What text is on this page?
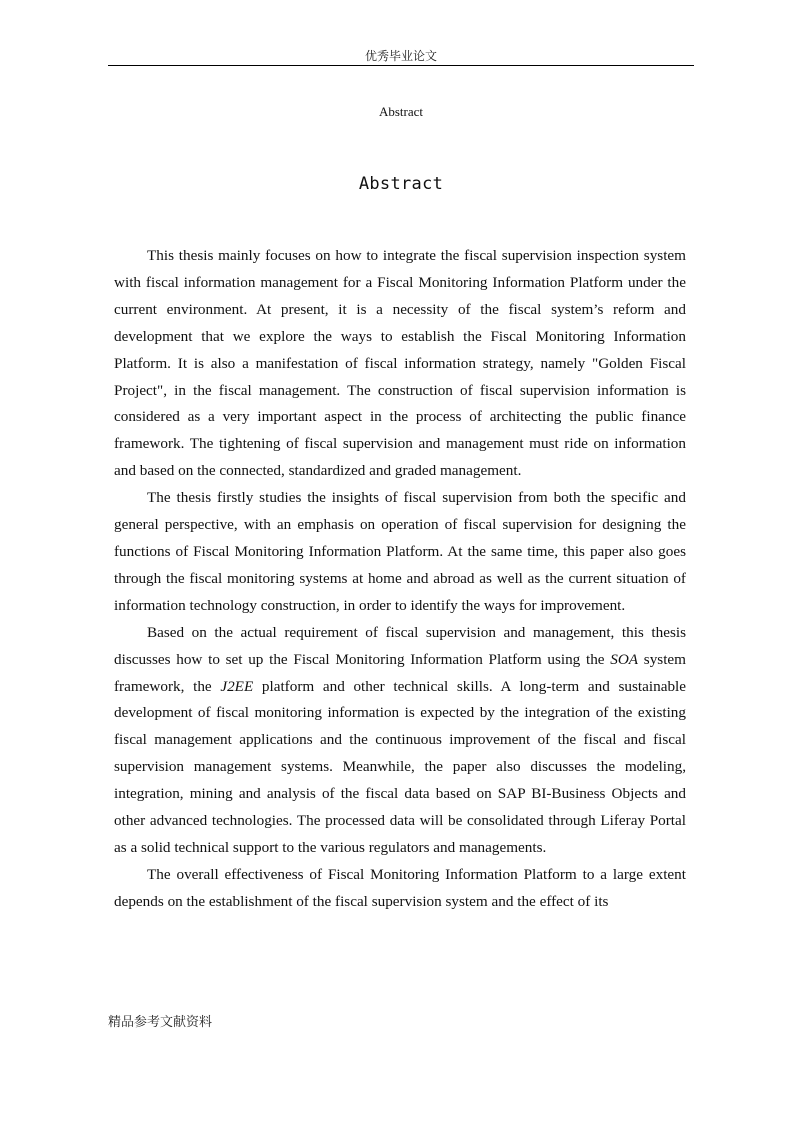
优秀毕业论文
Abstract
Abstract

This thesis mainly focuses on how to integrate the fiscal supervision inspection system with fiscal information management for a Fiscal Monitoring Information Platform under the current environment. At present, it is a necessity of the fiscal system’s reform and development that we explore the ways to establish the Fiscal Monitoring Information Platform. It is also a manifestation of fiscal information strategy, namely "Golden Fiscal Project", in the fiscal management. The construction of fiscal supervision information is considered as a very important aspect in the process of architecting the public finance framework. The tightening of fiscal supervision and management must ride on information and based on the connected, standardized and graded management.

The thesis firstly studies the insights of fiscal supervision from both the specific and general perspective, with an emphasis on operation of fiscal supervision for designing the functions of Fiscal Monitoring Information Platform. At the same time, this paper also goes through the fiscal monitoring systems at home and abroad as well as the current situation of information technology construction, in order to identify the ways for improvement.

Based on the actual requirement of fiscal supervision and management, this thesis discusses how to set up the Fiscal Monitoring Information Platform using the SOA system framework, the J2EE platform and other technical skills. A long-term and sustainable development of fiscal monitoring information is expected by the integration of the existing fiscal management applications and the continuous improvement of the fiscal and fiscal supervision management systems. Meanwhile, the paper also discusses the modeling, integration, mining and analysis of the fiscal data based on SAP BI-Business Objects and other advanced technologies. The processed data will be consolidated through Liferay Portal as a solid technical support to the various regulators and managements.

The overall effectiveness of Fiscal Monitoring Information Platform to a large extent depends on the establishment of the fiscal supervision system and the effect of its

精品参考文献资料
